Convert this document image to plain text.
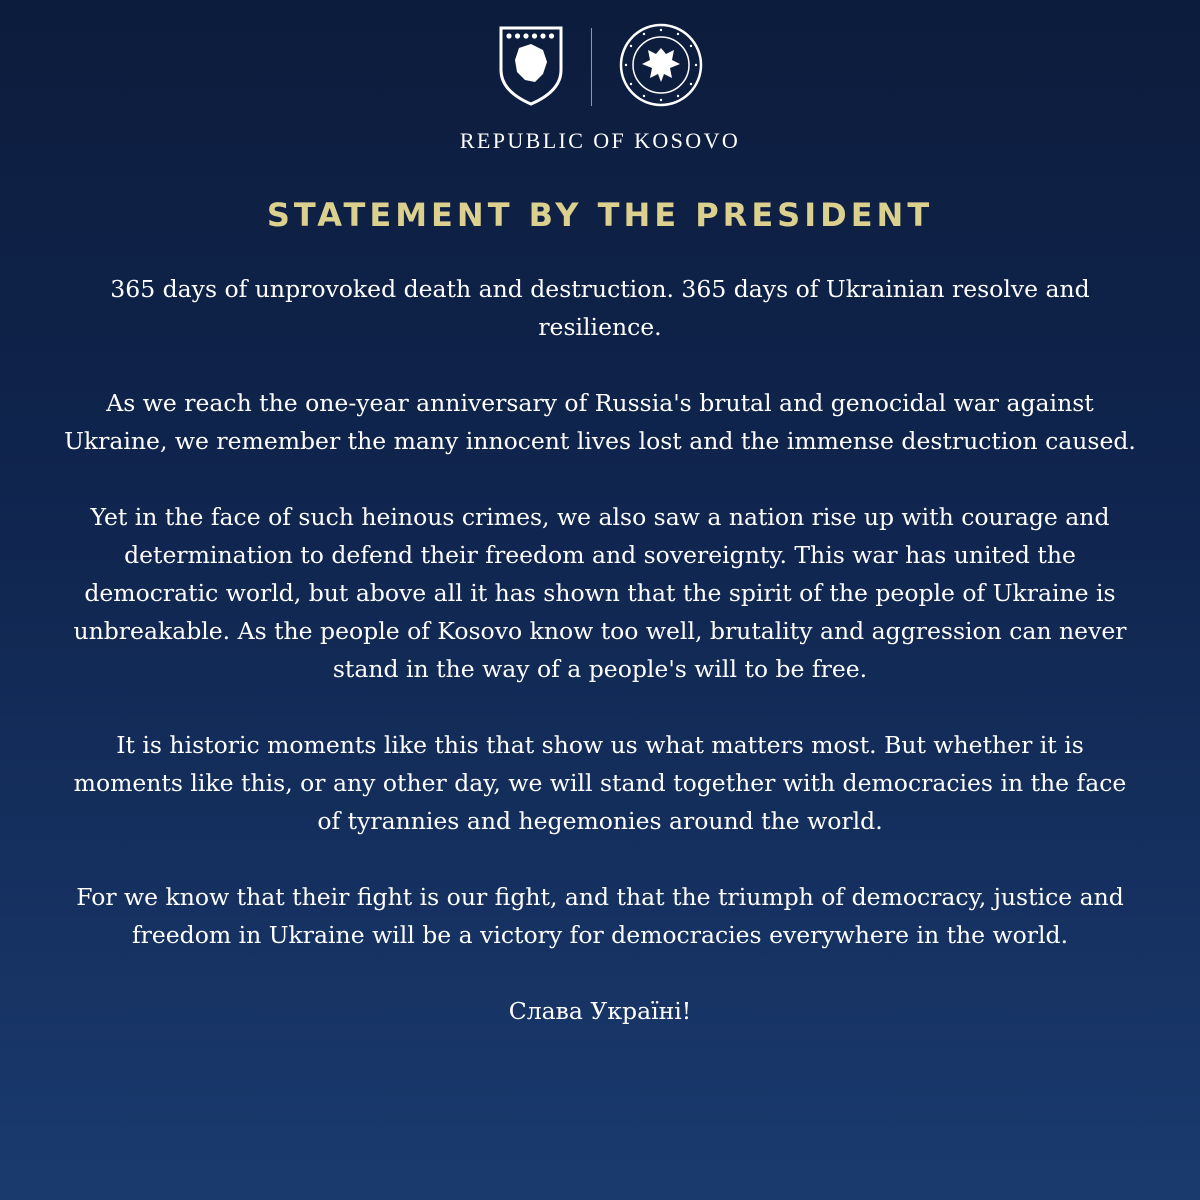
REPUBLIC OF KOSOVO
STATEMENT BY THE PRESIDENT

365 days of unprovoked death and destruction. 365 days of Ukrainian resolve and resilience.

As we reach the one-year anniversary of Russia's brutal and genocidal war against Ukraine, we remember the many innocent lives lost and the immense destruction caused.

Yet in the face of such heinous crimes, we also saw a nation rise up with courage and determination to defend their freedom and sovereignty. This war has united the democratic world, but above all it has shown that the spirit of the people of Ukraine is unbreakable. As the people of Kosovo know too well, brutality and aggression can never stand in the way of a people's will to be free.

It is historic moments like this that show us what matters most. But whether it is moments like this, or any other day, we will stand together with democracies in the face of tyrannies and hegemonies around the world.

For we know that their fight is our fight, and that the triumph of democracy, justice and freedom in Ukraine will be a victory for democracies everywhere in the world.

Слава Україні!
